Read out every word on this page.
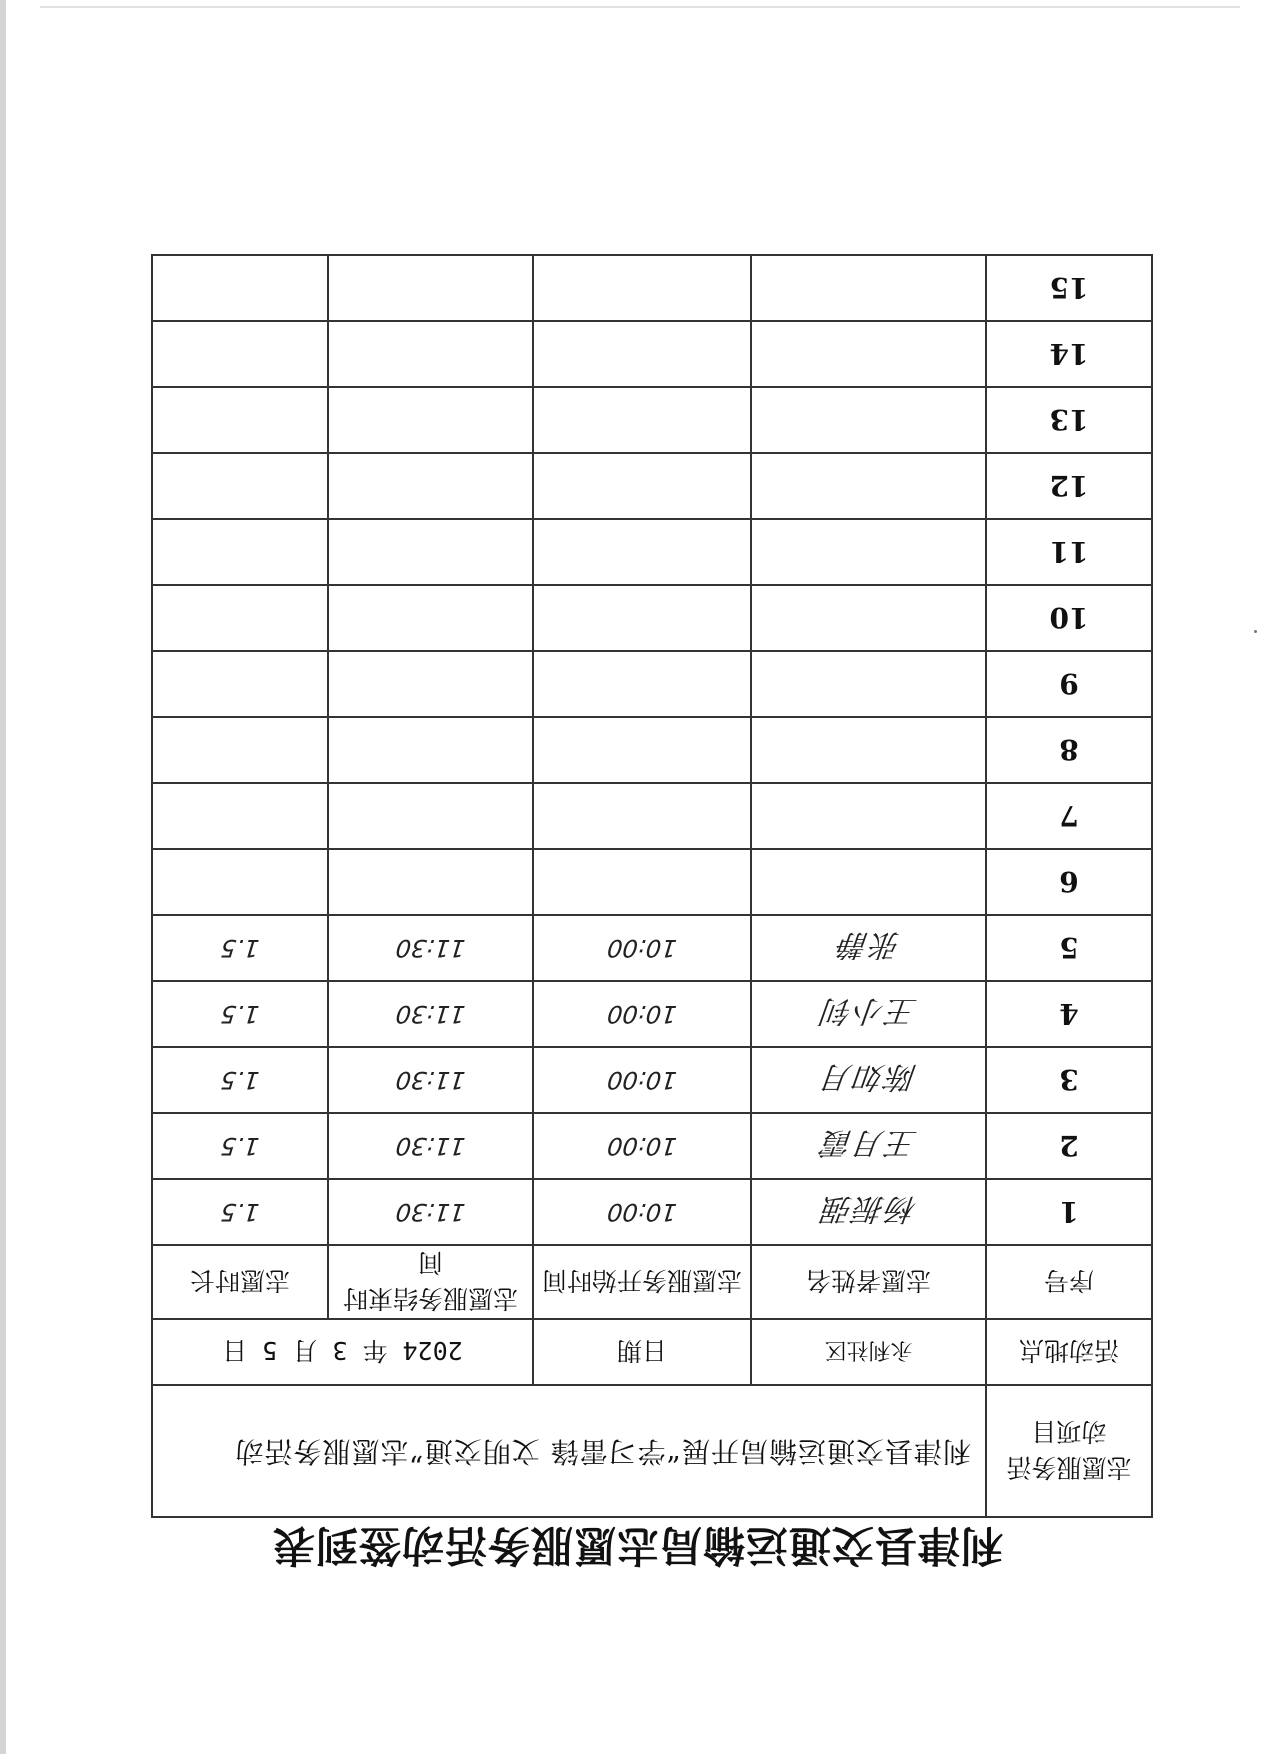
利津县交通运输局志愿服务活动签到表
志愿服务活动项目	利津县交通运输局开展“学习雷锋 文明交通”志愿服务活动			
活动地点	永利社区	日期	2024 年 3 月 5 日	
序号	志愿者姓名	志愿服务开始时间	志愿服务结束时间	志愿时长
1	杨振强	10:00	11:30	1.5
2	王月霞	10:00	11:30	1.5
3	陈如月	10:00	11:30	1.5
4	王小钊	10:00	11:30	1.5
5	张静	10:00	11:30	1.5
6				
7				
8				
9				
10				
11				
12				
13				
14				
15				
